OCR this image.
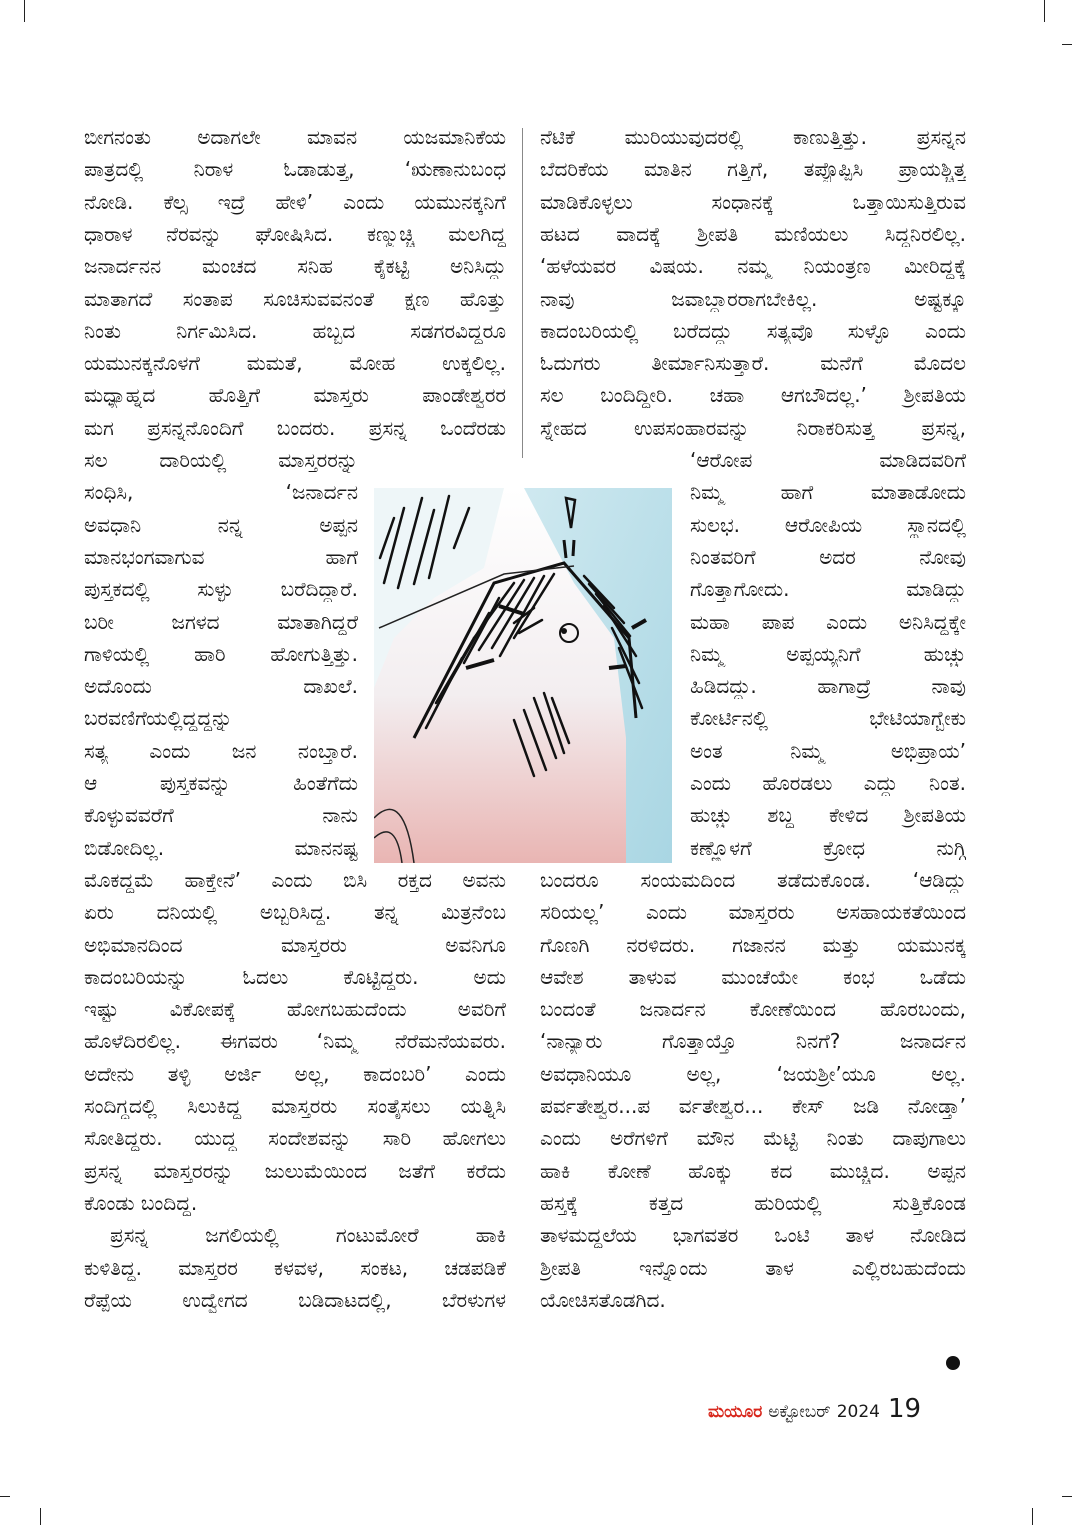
ಬೀಗನಂತು ಅದಾಗಲೇ ಮಾವನ ಯಜಮಾನಿಕೆಯ
ಪಾತ್ರದಲ್ಲಿ ನಿರಾಳ ಓಡಾಡುತ್ತ, ‘ಋಣಾನುಬಂಧ
ನೋಡಿ. ಕೆಲ್ಸ ಇದ್ರೆ ಹೇಳಿ’ ಎಂದು ಯಮುನಕ್ಕನಿಗೆ
ಧಾರಾಳ ನೆರವನ್ನು ಘೋಷಿಸಿದ. ಕಣ್ಮುಚ್ಚಿ ಮಲಗಿದ್ದ
ಜನಾರ್ದನನ ಮಂಚದ ಸನಿಹ ಕೈಕಟ್ಟಿ ಅನಿಸಿದ್ದು
ಮಾತಾಗದೆ ಸಂತಾಪ ಸೂಚಿಸುವವನಂತೆ ಕ್ಷಣ ಹೊತ್ತು
ನಿಂತು ನಿರ್ಗಮಿಸಿದ. ಹಬ್ಬದ ಸಡಗರವಿದ್ದರೂ
ಯಮುನಕ್ಕನೊಳಗೆ ಮಮತೆ, ಮೋಹ ಉಕ್ಕಲಿಲ್ಲ.
ಮಧ್ಯಾಹ್ನದ ಹೊತ್ತಿಗೆ ಮಾಸ್ತರು ಪಾಂಡೇಶ್ವರರ
ಮಗ ಪ್ರಸನ್ನನೊಂದಿಗೆ ಬಂದರು. ಪ್ರಸನ್ನ ಒಂದೆರಡು
ಸಲ ದಾರಿಯಲ್ಲಿ ಮಾಸ್ತರರನ್ನು
ಸಂಧಿಸಿ, ‘ಜನಾರ್ದನ
ಅವಧಾನಿ ನನ್ನ ಅಪ್ಪನ
ಮಾನಭಂಗವಾಗುವ ಹಾಗೆ
ಪುಸ್ತಕದಲ್ಲಿ ಸುಳ್ಳು ಬರೆದಿದ್ದಾರೆ.
ಬರೀ ಜಗಳದ ಮಾತಾಗಿದ್ದರೆ
ಗಾಳಿಯಲ್ಲಿ ಹಾರಿ ಹೋಗುತ್ತಿತ್ತು.
ಅದೊಂದು ದಾಖಲೆ.
ಬರವಣಿಗೆಯಲ್ಲಿದ್ದದ್ದನ್ನು
ಸತ್ಯ ಎಂದು ಜನ ನಂಬ್ತಾರೆ.
ಆ ಪುಸ್ತಕವನ್ನು ಹಿಂತೆಗೆದು
ಕೊಳ್ಳುವವರೆಗೆ ನಾನು
ಬಿಡೋದಿಲ್ಲ. ಮಾನನಷ್ಟ
ಮೊಕದ್ದಮೆ ಹಾಕ್ತೇನೆ’ ಎಂದು ಬಿಸಿ ರಕ್ತದ ಅವನು
ಏರು ದನಿಯಲ್ಲಿ ಅಬ್ಬರಿಸಿದ್ದ. ತನ್ನ ಮಿತ್ರನೆಂಬ
ಅಭಿಮಾನದಿಂದ ಮಾಸ್ತರರು ಅವನಿಗೂ
ಕಾದಂಬರಿಯನ್ನು ಓದಲು ಕೊಟ್ಟಿದ್ದರು. ಅದು
ಇಷ್ಟು ವಿಕೋಪಕ್ಕೆ ಹೋಗಬಹುದೆಂದು ಅವರಿಗೆ
ಹೊಳೆದಿರಲಿಲ್ಲ. ಈಗವರು ‘ನಿಮ್ಮ ನೆರೆಮನೆಯವರು.
ಅದೇನು ತಳ್ಳಿ ಅರ್ಜಿ ಅಲ್ಲ, ಕಾದಂಬರಿ’ ಎಂದು
ಸಂದಿಗ್ಧದಲ್ಲಿ ಸಿಲುಕಿದ್ದ ಮಾಸ್ತರರು ಸಂತೈಸಲು ಯತ್ನಿಸಿ
ಸೋತಿದ್ದರು. ಯುದ್ಧ ಸಂದೇಶವನ್ನು ಸಾರಿ ಹೋಗಲು
ಪ್ರಸನ್ನ ಮಾಸ್ತರರನ್ನು ಜುಲುಮೆಯಿಂದ ಜತೆಗೆ ಕರೆದು
ಕೊಂಡು ಬಂದಿದ್ದ.
ಪ್ರಸನ್ನ ಜಗಲಿಯಲ್ಲಿ ಗಂಟುಮೋರೆ ಹಾಕಿ
ಕುಳಿತಿದ್ದ. ಮಾಸ್ತರರ ಕಳವಳ, ಸಂಕಟ, ಚಡಪಡಿಕೆ
ರೆಪ್ಪೆಯ ಉದ್ವೇಗದ ಬಡಿದಾಟದಲ್ಲಿ, ಬೆರಳುಗಳ
ನೆಟಿಕೆ ಮುರಿಯುವುದರಲ್ಲಿ ಕಾಣುತ್ತಿತ್ತು. ಪ್ರಸನ್ನನ
ಬೆದರಿಕೆಯ ಮಾತಿನ ಗತ್ತಿಗೆ, ತಪ್ಪೊಪ್ಪಿಸಿ ಪ್ರಾಯಶ್ಚಿತ್ತ
ಮಾಡಿಕೊಳ್ಳಲು ಸಂಧಾನಕ್ಕೆ ಒತ್ತಾಯಿಸುತ್ತಿರುವ
ಹಟದ ವಾದಕ್ಕೆ ಶ್ರೀಪತಿ ಮಣಿಯಲು ಸಿದ್ಧನಿರಲಿಲ್ಲ.
‘ಹಳೆಯವರ ವಿಷಯ. ನಮ್ಮ ನಿಯಂತ್ರಣ ಮೀರಿದ್ದಕ್ಕೆ
ನಾವು ಜವಾಬ್ದಾರರಾಗಬೇಕಿಲ್ಲ. ಅಷ್ಟಕ್ಕೂ
ಕಾದಂಬರಿಯಲ್ಲಿ ಬರೆದದ್ದು ಸತ್ಯವೊ ಸುಳ್ಳೊ ಎಂದು
ಓದುಗರು ತೀರ್ಮಾನಿಸುತ್ತಾರೆ. ಮನೆಗೆ ಮೊದಲ
ಸಲ ಬಂದಿದ್ದೀರಿ. ಚಹಾ ಆಗಬೌದಲ್ಲ.’ ಶ್ರೀಪತಿಯ
ಸ್ನೇಹದ ಉಪಸಂಹಾರವನ್ನು ನಿರಾಕರಿಸುತ್ತ ಪ್ರಸನ್ನ,
‘ಆರೋಪ ಮಾಡಿದವರಿಗೆ
ನಿಮ್ಮ ಹಾಗೆ ಮಾತಾಡೋದು
ಸುಲಭ. ಆರೋಪಿಯ ಸ್ಥಾನದಲ್ಲಿ
ನಿಂತವರಿಗೆ ಅದರ ನೋವು
ಗೊತ್ತಾಗೋದು. ಮಾಡಿದ್ದು
ಮಹಾ ಪಾಪ ಎಂದು ಅನಿಸಿದ್ದಕ್ಕೇ
ನಿಮ್ಮ ಅಪ್ಪಯ್ಯನಿಗೆ ಹುಚ್ಚು
ಹಿಡಿದದ್ದು. ಹಾಗಾದ್ರೆ ನಾವು
ಕೋರ್ಟಿನಲ್ಲಿ ಭೇಟಿಯಾಗ್ಬೇಕು
ಅಂತ ನಿಮ್ಮ ಅಭಿಪ್ರಾಯ’
ಎಂದು ಹೊರಡಲು ಎದ್ದು ನಿಂತ.
ಹುಚ್ಚು ಶಬ್ದ ಕೇಳಿದ ಶ್ರೀಪತಿಯ
ಕಣ್ಣೊಳಗೆ ಕ್ರೋಧ ನುಗ್ಗಿ
ಬಂದರೂ ಸಂಯಮದಿಂದ ತಡೆದುಕೊಂಡ. ‘ಆಡಿದ್ದು
ಸರಿಯಲ್ಲ’ ಎಂದು ಮಾಸ್ತರರು ಅಸಹಾಯಕತೆಯಿಂದ
ಗೊಣಗಿ ನರಳಿದರು. ಗಜಾನನ ಮತ್ತು ಯಮುನಕ್ಕ
ಆವೇಶ ತಾಳುವ ಮುಂಚೆಯೇ ಕಂಭ ಒಡೆದು
ಬಂದಂತೆ ಜನಾರ್ದನ ಕೋಣೆಯಿಂದ ಹೊರಬಂದು,
‘ನಾನ್ಯಾರು ಗೊತ್ತಾಯ್ತೊ ನಿನಗೆ? ಜನಾರ್ದನ
ಅವಧಾನಿಯೂ ಅಲ್ಲ, ‘ಜಯಶ್ರೀ’ಯೂ ಅಲ್ಲ.
ಪರ್ವತೇಶ್ವರ...ಪ ರ್ವತೇಶ್ವರ... ಕೇಸ್ ಜಡಿ ನೋಡ್ತಾ’
ಎಂದು ಅರೆಗಳಿಗೆ ಮೌನ ಮೆಟ್ಟಿ ನಿಂತು ದಾಪುಗಾಲು
ಹಾಕಿ ಕೋಣೆ ಹೊಕ್ಕು ಕದ ಮುಚ್ಚಿದ. ಅಪ್ಪನ
ಹಸ್ತಕ್ಕೆ ಕತ್ತದ ಹುರಿಯಲ್ಲಿ ಸುತ್ತಿಕೊಂಡ
ತಾಳಮದ್ದಲೆಯ ಭಾಗವತರ ಒಂಟಿ ತಾಳ ನೋಡಿದ
ಶ್ರೀಪತಿ ಇನ್ನೊಂದು ತಾಳ ಎಲ್ಲಿರಬಹುದೆಂದು
ಯೋಚಿಸತೊಡಗಿದ.
ಮಯೂರ ಅಕ್ಟೋಬರ್ 2024 19
